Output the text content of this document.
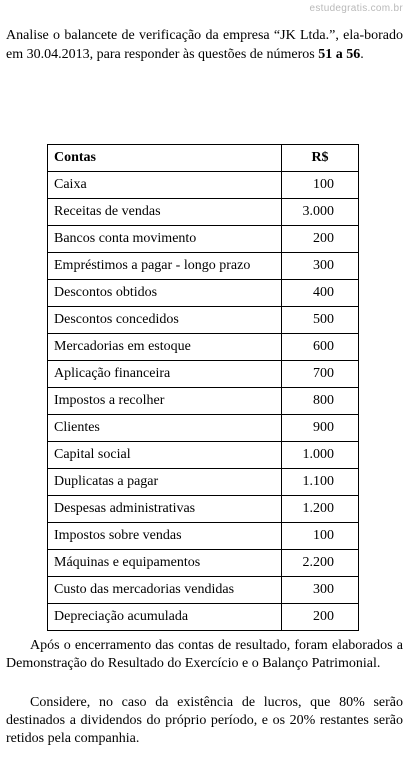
estudegratis.com.br
Analise o balancete de verificação da empresa “JK Ltda.”, ela-borado em 30.04.2013, para responder às questões de números 51 a 56.
Contas	R$
Caixa	100
Receitas de vendas	3.000
Bancos conta movimento	200
Empréstimos a pagar - longo prazo	300
Descontos obtidos	400
Descontos concedidos	500
Mercadorias em estoque	600
Aplicação financeira	700
Impostos a recolher	800
Clientes	900
Capital social	1.000
Duplicatas a pagar	1.100
Despesas administrativas	1.200
Impostos sobre vendas	100
Máquinas e equipamentos	2.200
Custo das mercadorias vendidas	300
Depreciação acumulada	200
Após o encerramento das contas de resultado, foram elaborados a Demonstração do Resultado do Exercício e o Balanço Patrimonial.
Considere, no caso da existência de lucros, que 80% serão destinados a dividendos do próprio período, e os 20% restantes serão retidos pela companhia.
